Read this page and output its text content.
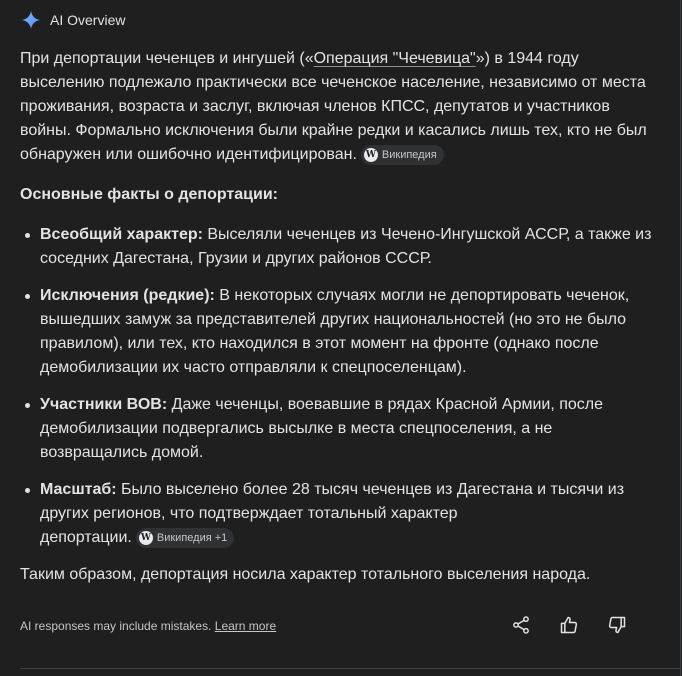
AI Overview

При депортации чеченцев и ингушей («Операция "Чечевица"») в 1944 году выселению подлежало практически все чеченское население, независимо от места проживания, возраста и заслуг, включая членов КПСС, депутатов и участников войны. Формально исключения были крайне редки и касались лишь тех, кто не был обнаружен или ошибочно идентифицирован. W Википедия

Основные факты о депортации:

Всеобщий характер: Выселяли чеченцев из Чечено-Ингушской АССР, а также из соседних Дагестана, Грузии и других районов СССР.
Исключения (редкие): В некоторых случаях могли не депортировать чеченок, вышедших замуж за представителей других национальностей (но это не было правилом), или тех, кто находился в этот момент на фронте (однако после демобилизации их часто отправляли к спецпоселенцам).
Участники ВОВ: Даже чеченцы, воевавшие в рядах Красной Армии, после демобилизации подвергались высылке в места спецпоселения, а не возвращались домой.
Масштаб: Было выселено более 28 тысяч чеченцев из Дагестана и тысячи из других регионов, что подтверждает тотальный характер
депортации. W Википедия +1

Таким образом, депортация носила характер тотального выселения народа.

AI responses may include mistakes. Learn more
